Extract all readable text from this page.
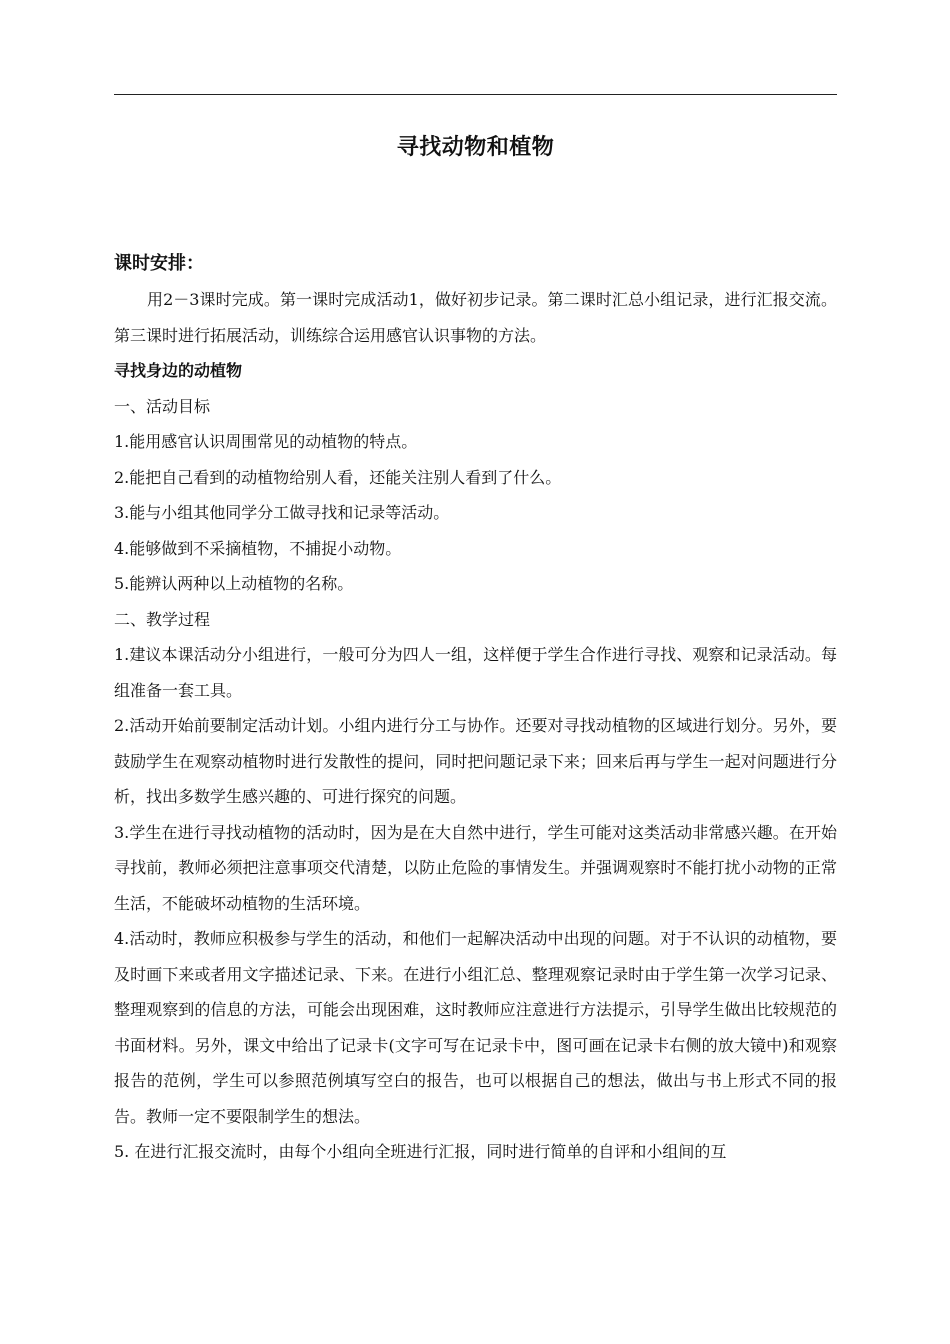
寻找动物和植物
课时安排：

用2－3课时完成。第一课时完成活动1，做好初步记录。第二课时汇总小组记录，进行汇报交流。第三课时进行拓展活动，训练综合运用感官认识事物的方法。

寻找身边的动植物

一、活动目标

1.能用感官认识周围常见的动植物的特点。

2.能把自己看到的动植物给别人看，还能关注别人看到了什么。

3.能与小组其他同学分工做寻找和记录等活动。

4.能够做到不采摘植物，不捕捉小动物。

5.能辨认两种以上动植物的名称。

二、教学过程

1.建议本课活动分小组进行，一般可分为四人一组，这样便于学生合作进行寻找、观察和记录活动。每组准备一套工具。

2.活动开始前要制定活动计划。小组内进行分工与协作。还要对寻找动植物的区域进行划分。另外，要鼓励学生在观察动植物时进行发散性的提问，同时把问题记录下来；回来后再与学生一起对问题进行分析，找出多数学生感兴趣的、可进行探究的问题。

3.学生在进行寻找动植物的活动时，因为是在大自然中进行，学生可能对这类活动非常感兴趣。在开始寻找前，教师必须把注意事项交代清楚，以防止危险的事情发生。并强调观察时不能打扰小动物的正常生活，不能破坏动植物的生活环境。

4.活动时，教师应积极参与学生的活动，和他们一起解决活动中出现的问题。对于不认识的动植物，要及时画下来或者用文字描述记录、下来。在进行小组汇总、整理观察记录时由于学生第一次学习记录、整理观察到的信息的方法，可能会出现困难，这时教师应注意进行方法提示，引导学生做出比较规范的书面材料。另外，课文中给出了记录卡(文字可写在记录卡中，图可画在记录卡右侧的放大镜中)和观察报告的范例，学生可以参照范例填写空白的报告，也可以根据自己的想法，做出与书上形式不同的报告。教师一定不要限制学生的想法。

5. 在进行汇报交流时，由每个小组向全班进行汇报，同时进行简单的自评和小组间的互
